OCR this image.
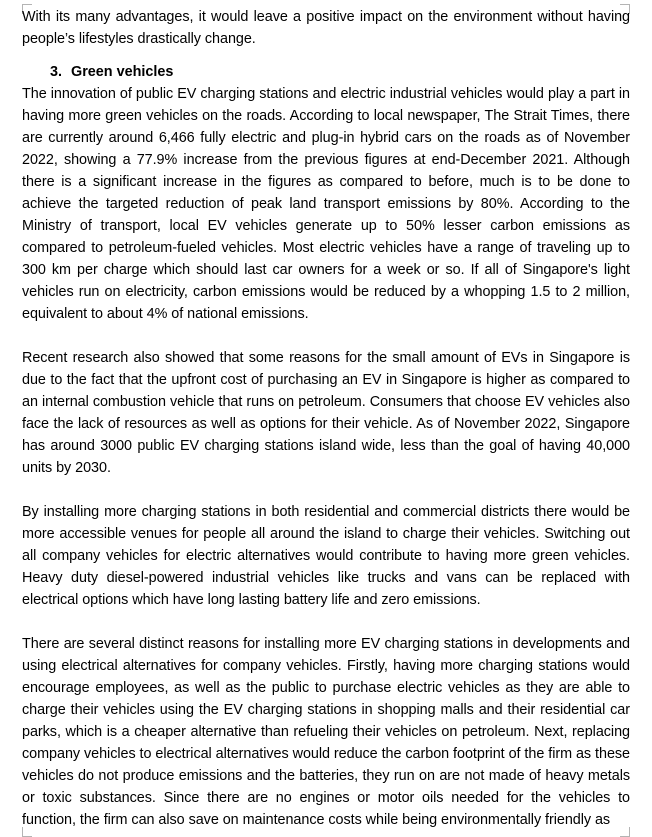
With its many advantages, it would leave a positive impact on the environment without having people’s lifestyles drastically change.

3. Green vehicles

The innovation of public EV charging stations and electric industrial vehicles would play a part in having more green vehicles on the roads. According to local newspaper, The Strait Times, there are currently around 6,466 fully electric and plug-in hybrid cars on the roads as of November 2022, showing a 77.9% increase from the previous figures at end-December 2021. Although there is a significant increase in the figures as compared to before, much is to be done to achieve the targeted reduction of peak land transport emissions by 80%. According to the Ministry of transport, local EV vehicles generate up to 50% lesser carbon emissions as compared to petroleum-fueled vehicles. Most electric vehicles have a range of traveling up to 300 km per charge which should last car owners for a week or so. If all of Singapore's light vehicles run on electricity, carbon emissions would be reduced by a whopping 1.5 to 2 million, equivalent to about 4% of national emissions.

Recent research also showed that some reasons for the small amount of EVs in Singapore is due to the fact that the upfront cost of purchasing an EV in Singapore is higher as compared to an internal combustion vehicle that runs on petroleum. Consumers that choose EV vehicles also face the lack of resources as well as options for their vehicle. As of November 2022, Singapore has around 3000 public EV charging stations island wide, less than the goal of having 40,000 units by 2030.

By installing more charging stations in both residential and commercial districts there would be more accessible venues for people all around the island to charge their vehicles. Switching out all company vehicles for electric alternatives would contribute to having more green vehicles. Heavy duty diesel-powered industrial vehicles like trucks and vans can be replaced with electrical options which have long lasting battery life and zero emissions.

There are several distinct reasons for installing more EV charging stations in developments and using electrical alternatives for company vehicles. Firstly, having more charging stations would encourage employees, as well as the public to purchase electric vehicles as they are able to charge their vehicles using the EV charging stations in shopping malls and their residential car parks, which is a cheaper alternative than refueling their vehicles on petroleum. Next, replacing company vehicles to electrical alternatives would reduce the carbon footprint of the firm as these vehicles do not produce emissions and the batteries, they run on are not made of heavy metals or toxic substances. Since there are no engines or motor oils needed for the vehicles to function, the firm can also save on maintenance costs while being environmentally friendly as
